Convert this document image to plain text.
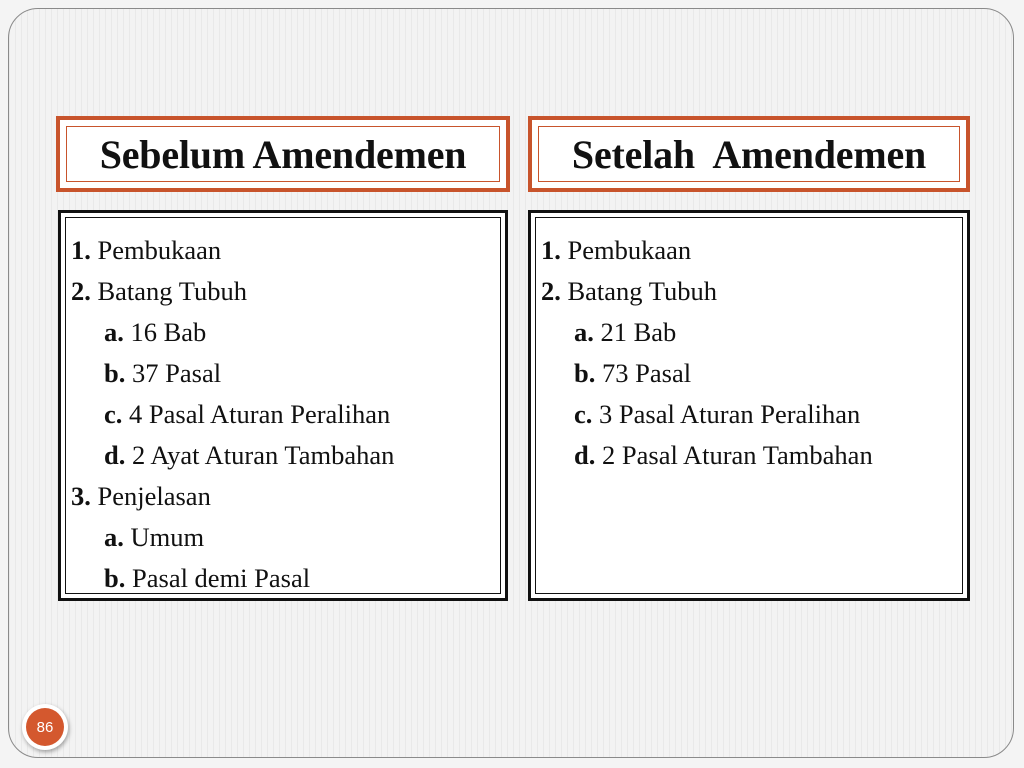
Sebelum Amendemen	Setelah  Amendemen
1. Pembukaan
2. Batang Tubuh
a. 16 Bab
b. 37 Pasal
c. 4 Pasal Aturan Peralihan
d. 2 Ayat Aturan Tambahan
3. Penjelasan
a. Umum
b. Pasal demi Pasal
1. Pembukaan
2. Batang Tubuh
a. 21 Bab
b. 73 Pasal
c. 3 Pasal Aturan Peralihan
d. 2 Pasal Aturan Tambahan
86
